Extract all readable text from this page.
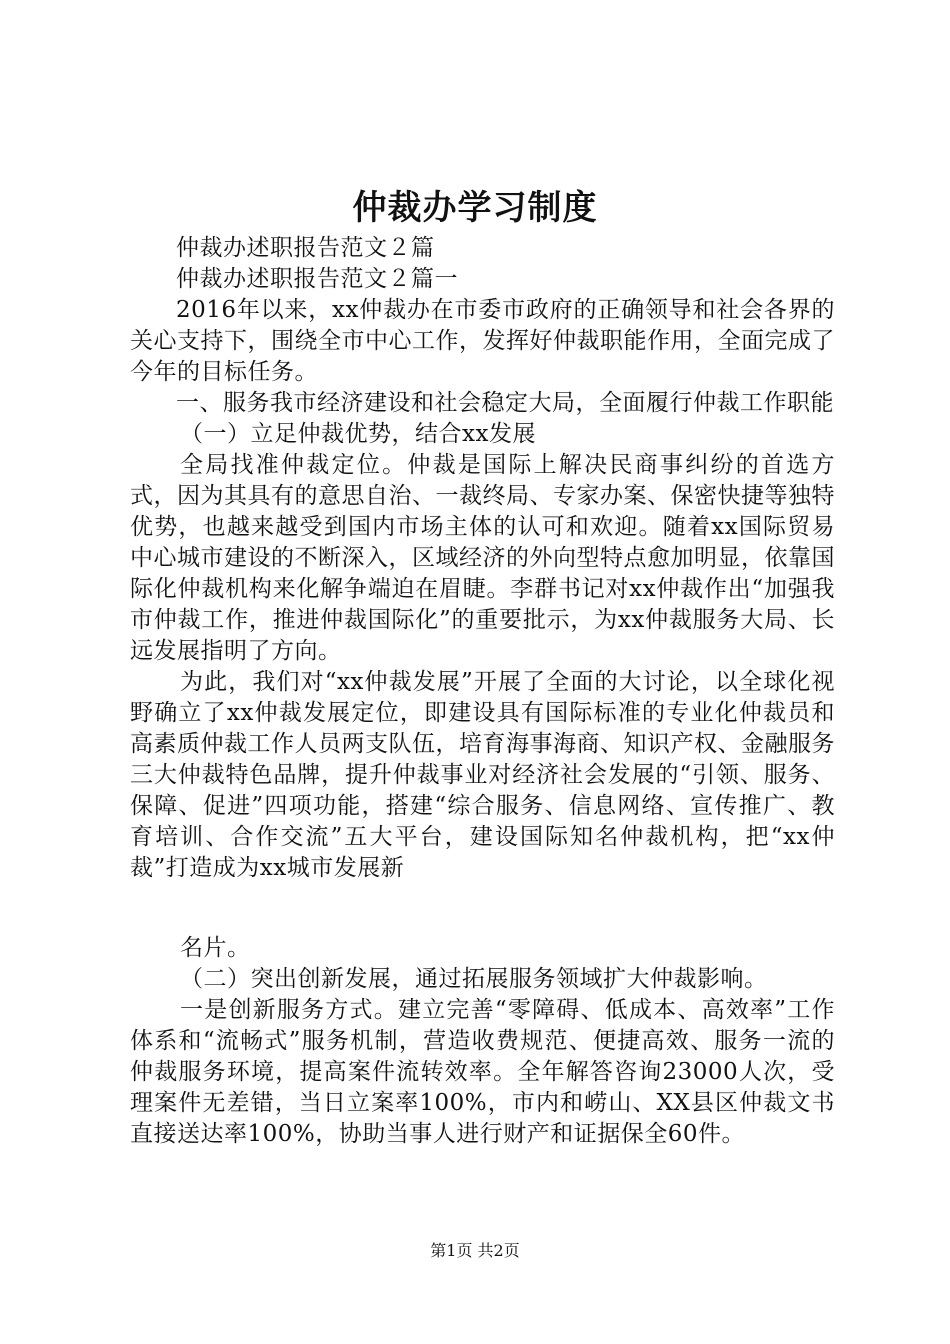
仲裁办学习制度

仲裁办述职报告范文２篇

仲裁办述职报告范文２篇一

2016年以来，xx仲裁办在市委市政府的正确领导和社会各界的关心支持下，围绕全市中心工作，发挥好仲裁职能作用，全面完成了今年的目标任务。

一、服务我市经济建设和社会稳定大局，全面履行仲裁工作职能

（一）立足仲裁优势，结合xx发展

全局找准仲裁定位。仲裁是国际上解决民商事纠纷的首选方式，因为其具有的意思自治、一裁终局、专家办案、保密快捷等独特优势，也越来越受到国内市场主体的认可和欢迎。随着xx国际贸易中心城市建设的不断深入，区域经济的外向型特点愈加明显，依靠国际化仲裁机构来化解争端迫在眉睫。李群书记对xx仲裁作出“加强我市仲裁工作，推进仲裁国际化”的重要批示，为xx仲裁服务大局、长远发展指明了方向。

为此，我们对“xx仲裁发展”开展了全面的大讨论，以全球化视野确立了xx仲裁发展定位，即建设具有国际标准的专业化仲裁员和高素质仲裁工作人员两支队伍，培育海事海商、知识产权、金融服务三大仲裁特色品牌，提升仲裁事业对经济社会发展的“引领、服务、保障、促进”四项功能，搭建“综合服务、信息网络、宣传推广、教育培训、合作交流”五大平台，建设国际知名仲裁机构，把“xx仲裁”打造成为xx城市发展新

名片。

（二）突出创新发展，通过拓展服务领域扩大仲裁影响。

一是创新服务方式。建立完善“零障碍、低成本、高效率”工作体系和“流畅式”服务机制，营造收费规范、便捷高效、服务一流的仲裁服务环境，提高案件流转效率。全年解答咨询23000人次，受理案件无差错，当日立案率100%，市内和崂山、XX县区仲裁文书直接送达率100%，协助当事人进行财产和证据保全60件。

第1页 共2页
